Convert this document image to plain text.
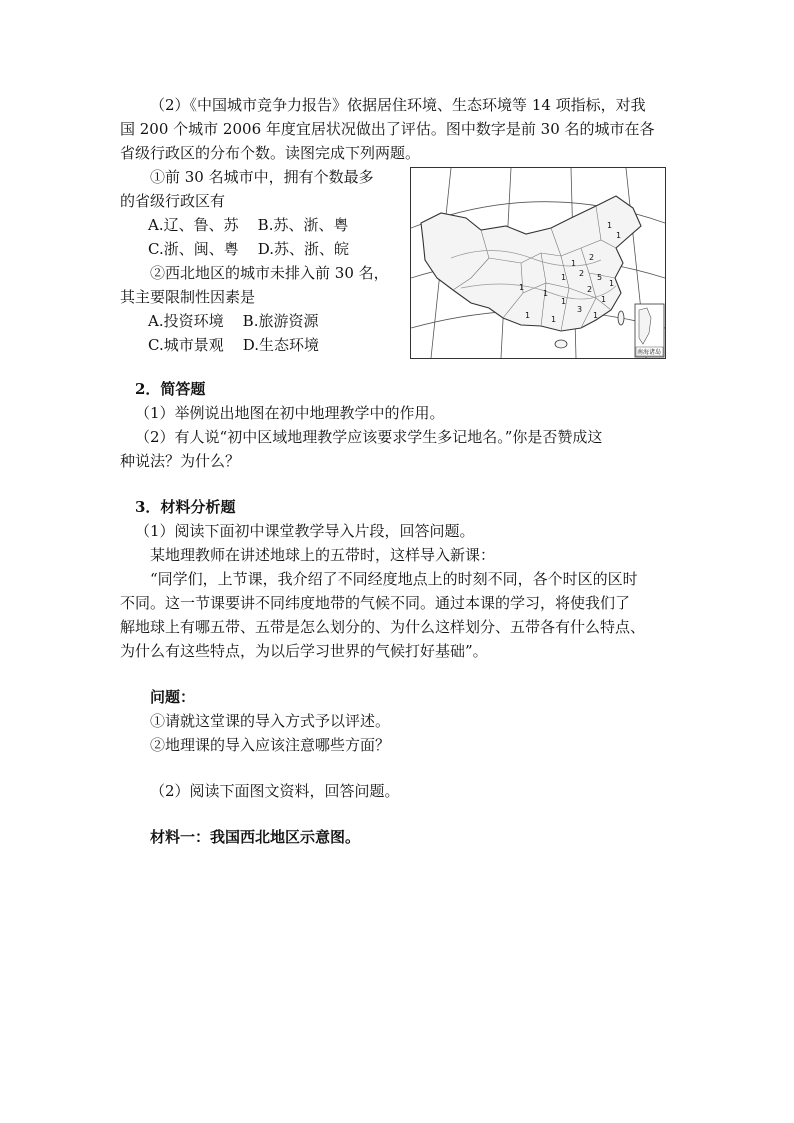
（2）《中国城市竞争力报告》依据居住环境、生态环境等 14 项指标，对我

国 200 个城市 2006 年度宜居状况做出了评估。图中数字是前 30 名的城市在各

省级行政区的分布个数。读图完成下列两题。

①前 30 名城市中，拥有个数最多

的省级行政区有

A.辽、鲁、苏    B.苏、浙、粤

C.浙、闽、粤    D.苏、浙、皖

②西北地区的城市未排入前 30 名，

其主要限制性因素是

A.投资环境    B.旅游资源

C.城市景观    D.生态环境

1
1
2
1
2
1	5
1
1
1	2
1
1
3
1
1	1
南海诸岛

2．简答题

（1）举例说出地图在初中地理教学中的作用。

（2）有人说“初中区域地理教学应该要求学生多记地名。”你是否赞成这

种说法？为什么？

3．材料分析题

（1）阅读下面初中课堂教学导入片段，回答问题。

某地理教师在讲述地球上的五带时，这样导入新课：

“同学们，上节课，我介绍了不同经度地点上的时刻不同，各个时区的区时

不同。这一节课要讲不同纬度地带的气候不同。通过本课的学习，将使我们了

解地球上有哪五带、五带是怎么划分的、为什么这样划分、五带各有什么特点、

为什么有这些特点，为以后学习世界的气候打好基础”。

问题：

①请就这堂课的导入方式予以评述。

②地理课的导入应该注意哪些方面？

（2）阅读下面图文资料，回答问题。

材料一：我国西北地区示意图。
